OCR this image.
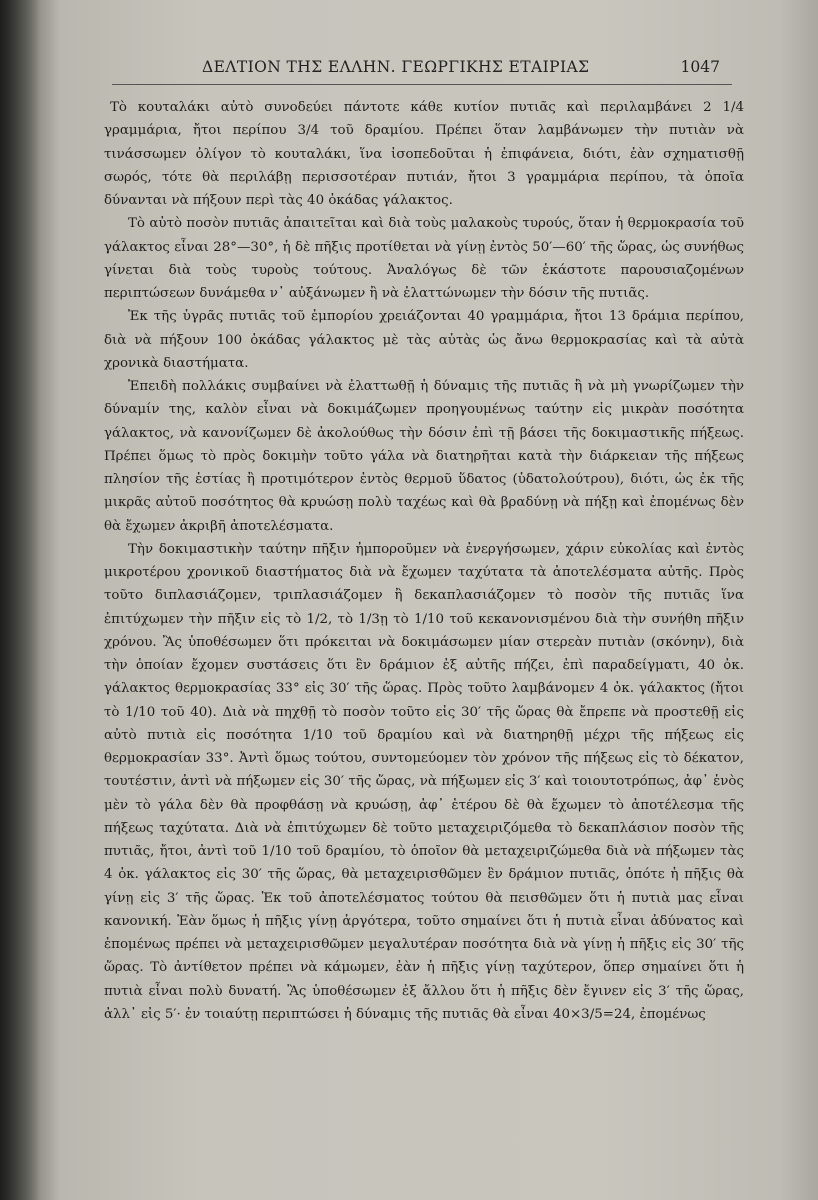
ΔΕΛΤΙΟΝ ΤΗΣ ΕΛΛΗΝ. ΓΕΩΡΓΙΚΗΣ ΕΤΑΙΡΙΑΣ	1047

Τὸ κουταλάκι αὐτὸ συνοδεύει πάντοτε κάθε κυτίον πυτιᾶς καὶ περιλαμβάνει 2 1/4 γραμμάρια, ἤτοι περίπου 3/4 τοῦ δραμίου. Πρέπει ὅταν λαμβάνωμεν τὴν πυτιὰν νὰ τινάσσωμεν ὀλίγον τὸ κουταλάκι, ἵνα ἰσοπεδοῦται ἡ ἐπιφάνεια, διότι, ἐὰν σχηματισθῇ σωρός, τότε θὰ περιλάβῃ περισσοτέραν πυτιάν, ἤτοι 3 γραμμάρια περίπου, τὰ ὁποῖα δύνανται νὰ πήξουν περὶ τὰς 40 ὀκάδας γάλακτος.

Τὸ αὐτὸ ποσὸν πυτιᾶς ἀπαιτεῖται καὶ διὰ τοὺς μαλακοὺς τυρούς, ὅταν ἡ θερμοκρασία τοῦ γάλακτος εἶναι 28°—30°, ἡ δὲ πῆξις προτίθεται νὰ γίνῃ ἐντὸς 50′—60′ τῆς ὥρας, ὡς συνήθως γίνεται διὰ τοὺς τυροὺς τούτους. Ἀναλόγως δὲ τῶν ἑκάστοτε παρουσιαζομένων περιπτώσεων δυνάμεθα ν᾽ αὐξάνωμεν ἢ νὰ ἐλαττώνωμεν τὴν δόσιν τῆς πυτιᾶς.

Ἐκ τῆς ὑγρᾶς πυτιᾶς τοῦ ἐμπορίου χρειάζονται 40 γραμμάρια, ἤτοι 13 δράμια περίπου, διὰ νὰ πήξουν 100 ὀκάδας γάλακτος μὲ τὰς αὐτὰς ὡς ἄνω θερμοκρασίας καὶ τὰ αὐτὰ χρονικὰ διαστήματα.

Ἐπειδὴ πολλάκις συμβαίνει νὰ ἐλαττωθῇ ἡ δύναμις τῆς πυτιᾶς ἢ νὰ μὴ γνωρίζωμεν τὴν δύναμίν της, καλὸν εἶναι νὰ δοκιμάζωμεν προηγουμένως ταύτην εἰς μικρὰν ποσότητα γάλακτος, νὰ κανονίζωμεν δὲ ἀκολούθως τὴν δόσιν ἐπὶ τῇ βάσει τῆς δοκιμαστικῆς πήξεως. Πρέπει ὅμως τὸ πρὸς δοκιμὴν τοῦτο γάλα νὰ διατηρῆται κατὰ τὴν διάρκειαν τῆς πήξεως πλησίον τῆς ἑστίας ἢ προτιμότερον ἐντὸς θερμοῦ ὕδατος (ὑδατολούτρου), διότι, ὡς ἐκ τῆς μικρᾶς αὐτοῦ ποσότητος θὰ κρυώσῃ πολὺ ταχέως καὶ θὰ βραδύνῃ νὰ πήξῃ καὶ ἐπομένως δὲν θὰ ἔχωμεν ἀκριβῆ ἀποτελέσματα.

Τὴν δοκιμαστικὴν ταύτην πῆξιν ἠμποροῦμεν νὰ ἐνεργήσωμεν, χάριν εὐκολίας καὶ ἐντὸς μικροτέρου χρονικοῦ διαστήματος διὰ νὰ ἔχωμεν ταχύτατα τὰ ἀποτελέσματα αὐτῆς. Πρὸς τοῦτο διπλασιάζομεν, τριπλασιάζομεν ἢ δεκαπλασιάζομεν τὸ ποσὸν τῆς πυτιᾶς ἵνα ἐπιτύχωμεν τὴν πῆξιν εἰς τὸ 1/2, τὸ 1/3ῃ τὸ 1/10 τοῦ κεκανονισμένου διὰ τὴν συνήθη πῆξιν χρόνου. Ἂς ὑποθέσωμεν ὅτι πρόκειται νὰ δοκιμάσωμεν μίαν στερεὰν πυτιὰν (σκόνην), διὰ τὴν ὁποίαν ἔχομεν συστάσεις ὅτι ἓν δράμιον ἐξ αὐτῆς πήζει, ἐπὶ παραδείγματι, 40 ὀκ. γάλακτος θερμοκρασίας 33° εἰς 30′ τῆς ὥρας. Πρὸς τοῦτο λαμβάνομεν 4 ὀκ. γάλακτος (ἤτοι τὸ 1/10 τοῦ 40). Διὰ νὰ πηχθῇ τὸ ποσὸν τοῦτο εἰς 30′ τῆς ὥρας θὰ ἔπρεπε νὰ προστεθῇ εἰς αὐτὸ πυτιὰ εἰς ποσότητα 1/10 τοῦ δραμίου καὶ νὰ διατηρηθῇ μέχρι τῆς πήξεως εἰς θερμοκρασίαν 33°. Ἀντὶ ὅμως τούτου, συντομεύομεν τὸν χρόνον τῆς πήξεως εἰς τὸ δέκατον, τουτέστιν, ἀντὶ νὰ πήξωμεν εἰς 30′ τῆς ὥρας, νὰ πήξωμεν εἰς 3′ καὶ τοιουτοτρόπως, ἀφ᾽ ἑνὸς μὲν τὸ γάλα δὲν θὰ προφθάσῃ νὰ κρυώσῃ, ἀφ᾽ ἑτέρου δὲ θὰ ἔχωμεν τὸ ἀποτέλεσμα τῆς πήξεως ταχύτατα. Διὰ νὰ ἐπιτύχωμεν δὲ τοῦτο μεταχειριζόμεθα τὸ δεκαπλάσιον ποσὸν τῆς πυτιᾶς, ἤτοι, ἀντὶ τοῦ 1/10 τοῦ δραμίου, τὸ ὁποῖον θὰ μεταχειριζώμεθα διὰ νὰ πήξωμεν τὰς 4 ὀκ. γάλακτος εἰς 30′ τῆς ὥρας, θὰ μεταχειρισθῶμεν ἓν δράμιον πυτιᾶς, ὁπότε ἡ πῆξις θὰ γίνῃ εἰς 3′ τῆς ὥρας. Ἐκ τοῦ ἀποτελέσματος τούτου θὰ πεισθῶμεν ὅτι ἡ πυτιὰ μας εἶναι κανονική. Ἐὰν ὅμως ἡ πῆξις γίνῃ ἀργότερα, τοῦτο σημαίνει ὅτι ἡ πυτιὰ εἶναι ἀδύνατος καὶ ἐπομένως πρέπει νὰ μεταχειρισθῶμεν μεγαλυτέραν ποσότητα διὰ νὰ γίνῃ ἡ πῆξις εἰς 30′ τῆς ὥρας. Τὸ ἀντίθετον πρέπει νὰ κάμωμεν, ἐὰν ἡ πῆξις γίνῃ ταχύτερον, ὅπερ σημαίνει ὅτι ἡ πυτιὰ εἶναι πολὺ δυνατή. Ἂς ὑποθέσωμεν ἐξ ἄλλου ὅτι ἡ πῆξις δὲν ἔγινεν εἰς 3′ τῆς ὥρας, ἀλλ᾽ εἰς 5′· ἐν τοιαύτῃ περιπτώσει ἡ δύναμις τῆς πυτιᾶς θὰ εἶναι 40×3/5=24, ἐπομένως
